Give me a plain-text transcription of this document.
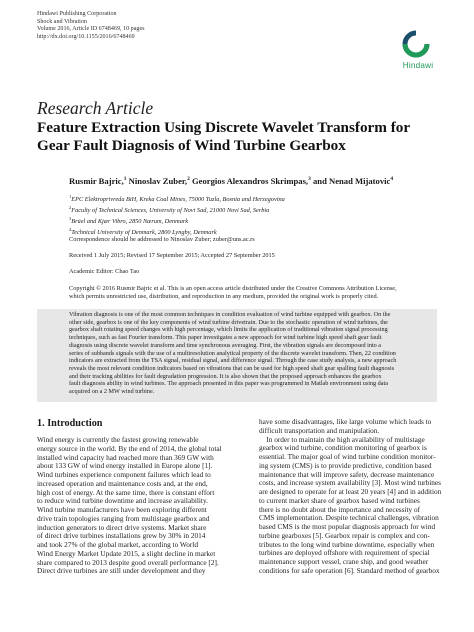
Hindawi Publishing Corporation
Shock and Vibration
Volume 2016, Article ID 6748469, 10 pages
http://dx.doi.org/10.1155/2016/6748469
Hindawi
Research Article
Feature Extraction Using Discrete Wavelet Transform for
Gear Fault Diagnosis of Wind Turbine Gearbox
Rusmir Bajric,$^1$ Ninoslav Zuber,$^2$ Georgios Alexandros Skrimpas,$^3$ and Nenad Mijatovic$^4$
$^1$EPC Elektroprivreda BiH, Kreka Coal Mines, 75000 Tuzla, Bosnia and Herzegovina
$^2$Faculty of Technical Sciences, University of Novi Sad, 21000 Novi Sad, Serbia
$^3$Brüel and Kjær Vibro, 2850 Nærum, Denmark
$^4$Technical University of Denmark, 2800 Lyngby, Denmark
Correspondence should be addressed to Ninoslav Zuber; zuber@uns.ac.rs
Received 1 July 2015; Revised 17 September 2015; Accepted 27 September 2015
Academic Editor: Chao Tao
Copyright © 2016 Rusmir Bajric et al. This is an open access article distributed under the Creative Commons Attribution License,
which permits unrestricted use, distribution, and reproduction in any medium, provided the original work is properly cited.
Vibration diagnosis is one of the most common techniques in condition evaluation of wind turbine equipped with gearbox. On the
other side, gearbox is one of the key components of wind turbine drivetrain. Due to the stochastic operation of wind turbines, the
gearbox shaft rotating speed changes with high percentage, which limits the application of traditional vibration signal processing
techniques, such as fast Fourier transform. This paper investigates a new approach for wind turbine high speed shaft gear fault
diagnosis using discrete wavelet transform and time synchronous averaging. First, the vibration signals are decomposed into a
series of subbands signals with the use of a multiresolution analytical property of the discrete wavelet transform. Then, 22 condition
indicators are extracted from the TSA signal, residual signal, and difference signal. Through the case study analysis, a new approach
reveals the most relevant condition indicators based on vibrations that can be used for high speed shaft gear spalling fault diagnosis
and their tracking abilities for fault degradation progression. It is also shown that the proposed approach enhances the gearbox
fault diagnosis ability in wind turbines. The approach presented in this paper was programmed in Matlab environment using data
acquired on a 2 MW wind turbine.
1. Introduction
Wind energy is currently the fastest growing renewable
energy source in the world. By the end of 2014, the global total
installed wind capacity had reached more than 369 GW with
about 133 GW of wind energy installed in Europe alone [1].
Wind turbines experience component failures which lead to
increased operation and maintenance costs and, at the end,
high cost of energy. At the same time, there is constant effort
to reduce wind turbine downtime and increase availability.
Wind turbine manufacturers have been exploring different
drive train topologies ranging from multistage gearbox and
induction generators to direct drive systems. Market share
of direct drive turbines installations grew by 30% in 2014
and took 27% of the global market, according to World
Wind Energy Market Update 2015, a slight decline in market
share compared to 2013 despite good overall performance [2].
Direct drive turbines are still under development and they
have some disadvantages, like large volume which leads to
difficult transportation and manipulation.
In order to maintain the high availability of multistage
gearbox wind turbine, condition monitoring of gearbox is
essential. The major goal of wind turbine condition monitor-
ing system (CMS) is to provide predictive, condition based
maintenance that will improve safety, decrease maintenance
costs, and increase system availability [3]. Most wind turbines
are designed to operate for at least 20 years [4] and in addition
to current market share of gearbox based wind turbines
there is no doubt about the importance and necessity of
CMS implementation. Despite technical challenges, vibration
based CMS is the most popular diagnosis approach for wind
turbine gearboxes [5]. Gearbox repair is complex and con-
tributes to the long wind turbine downtime, especially when
turbines are deployed offshore with requirement of special
maintenance support vessel, crane ship, and good weather
conditions for safe operation [6]. Standard method of gearbox
